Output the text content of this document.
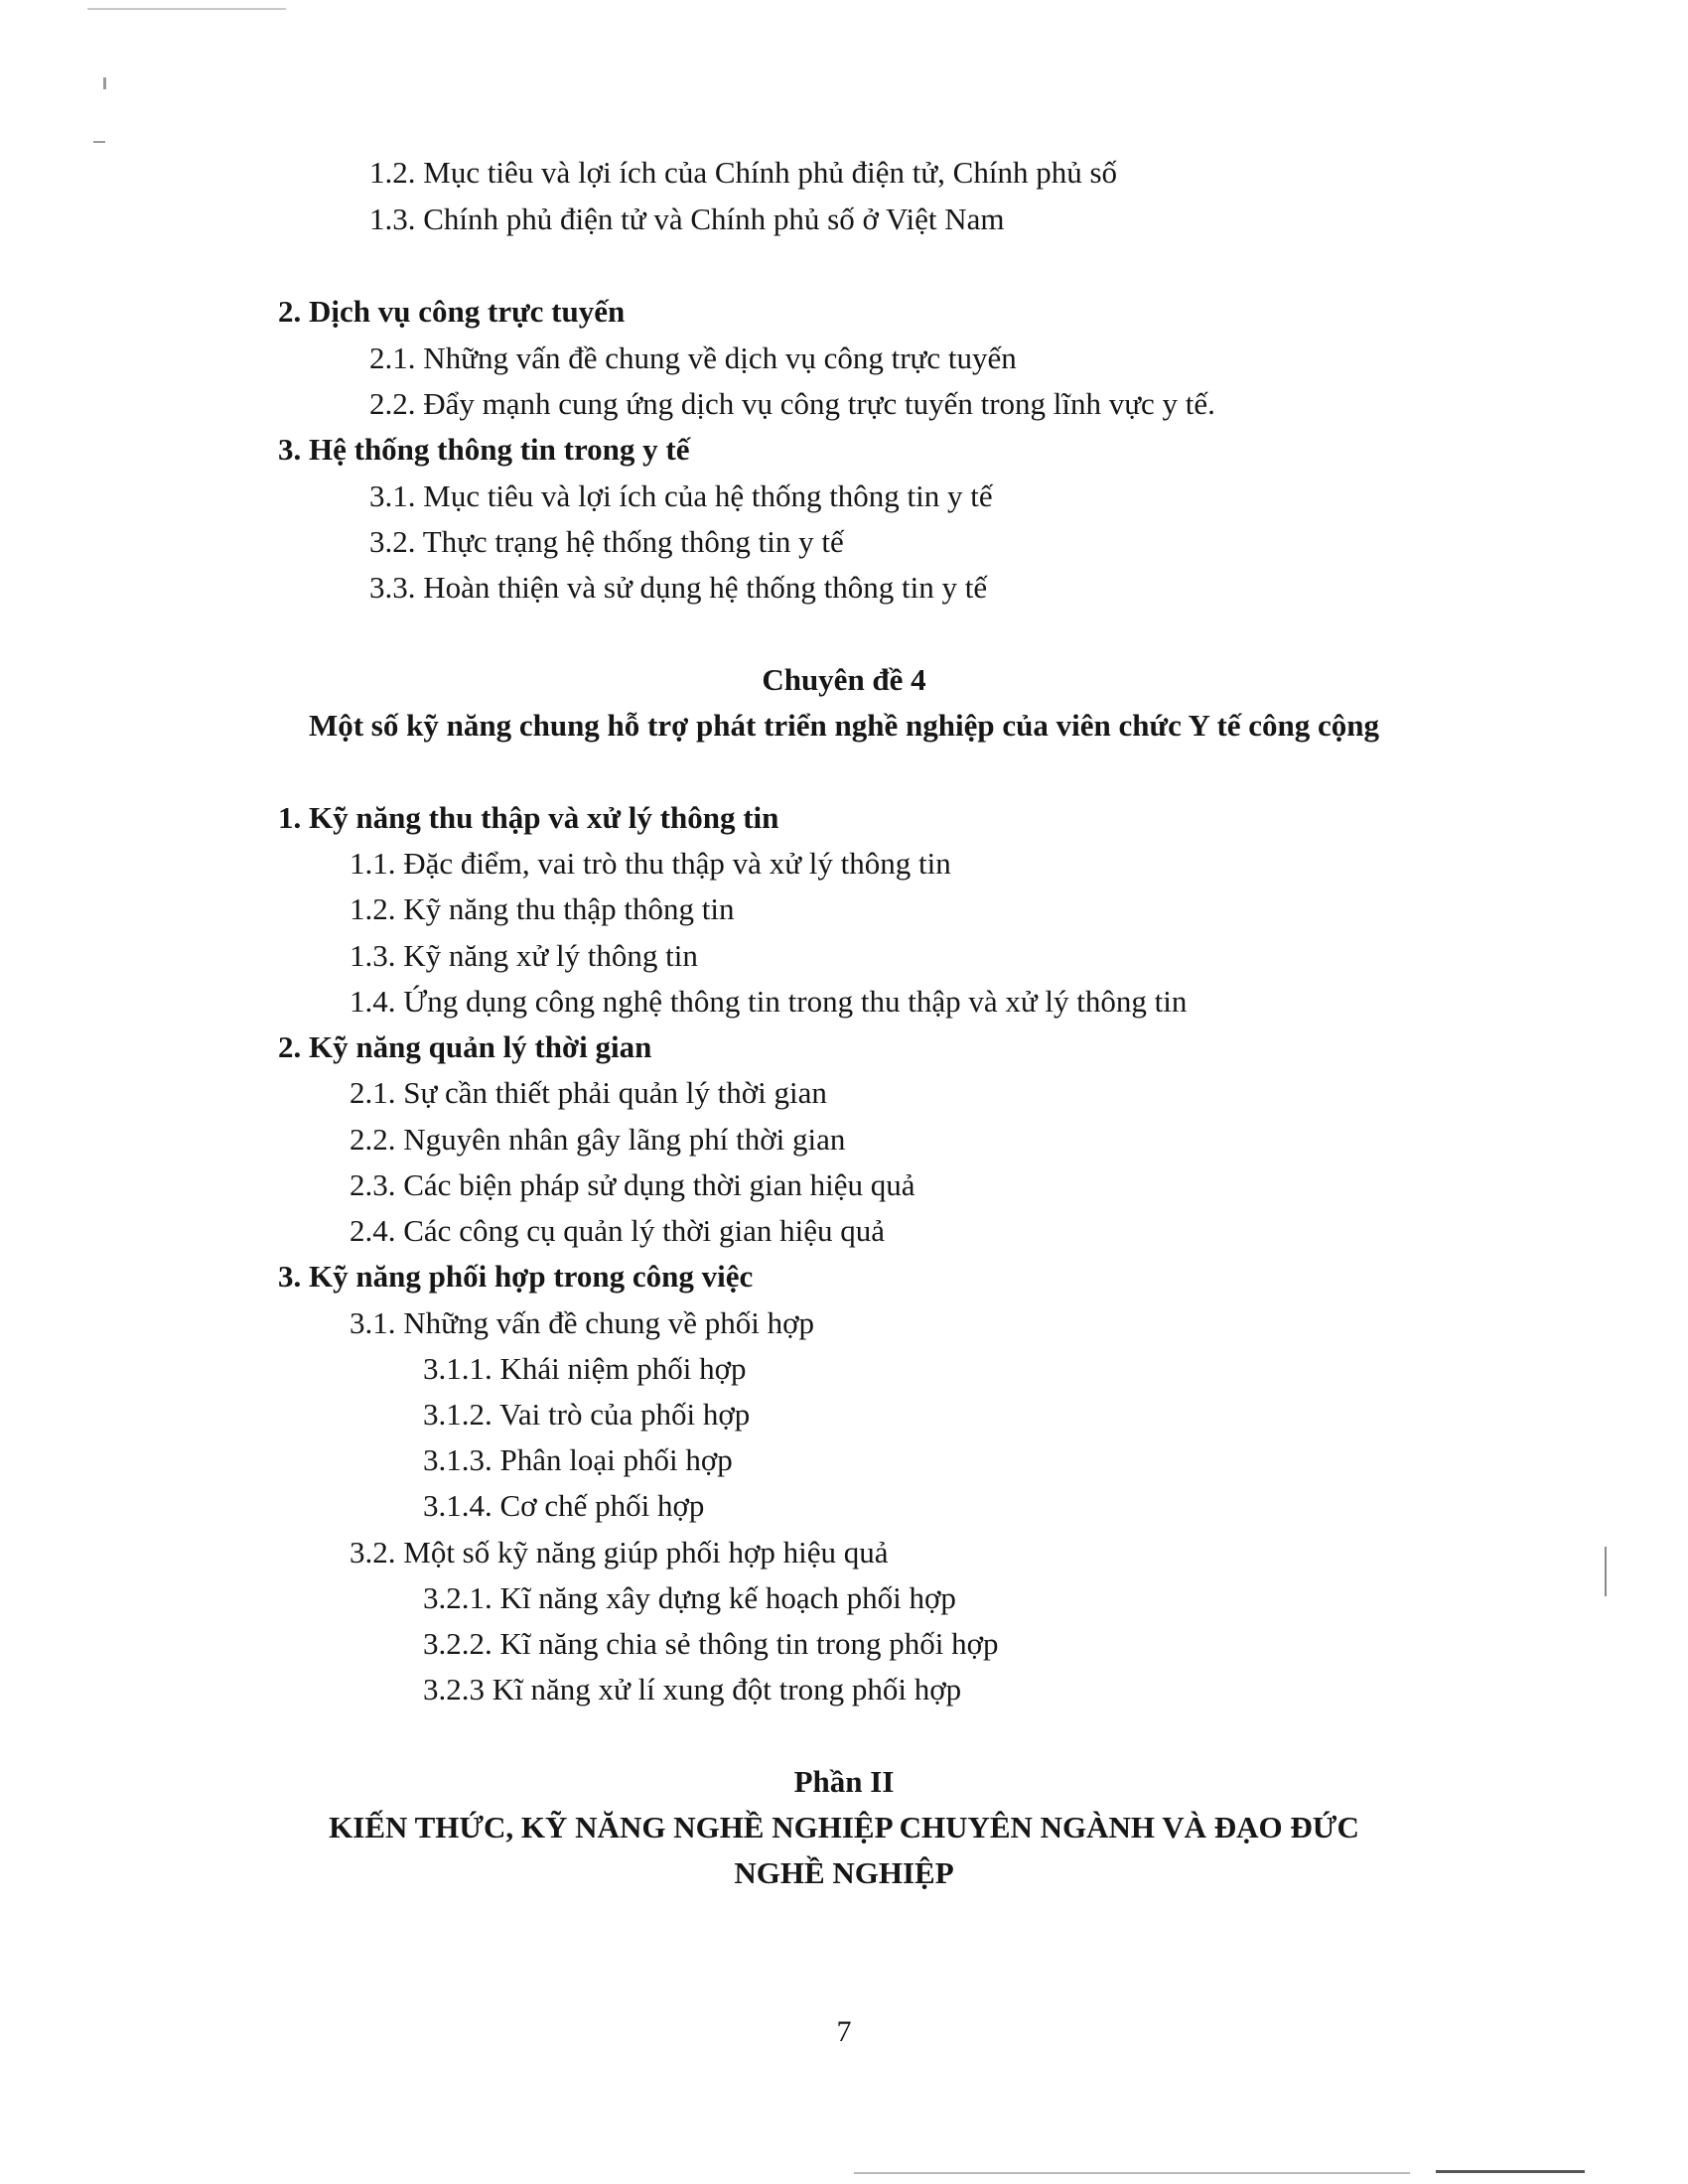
1.2. Mục tiêu và lợi ích của Chính phủ điện tử, Chính phủ số
1.3. Chính phủ điện tử và Chính phủ số ở Việt Nam
2. Dịch vụ công trực tuyến
2.1. Những vấn đề chung về dịch vụ công trực tuyến
2.2. Đẩy mạnh cung ứng dịch vụ công trực tuyến trong lĩnh vực y tế.
3. Hệ thống thông tin trong y tế
3.1. Mục tiêu và lợi ích của hệ thống thông tin y tế
3.2. Thực trạng hệ thống thông tin y tế
3.3. Hoàn thiện và sử dụng hệ thống thông tin y tế
Chuyên đề 4
Một số kỹ năng chung hỗ trợ phát triển nghề nghiệp của viên chức Y tế công cộng
1. Kỹ năng thu thập và xử lý thông tin
1.1. Đặc điểm, vai trò thu thập và xử lý thông tin
1.2. Kỹ năng thu thập thông tin
1.3. Kỹ năng xử lý thông tin
1.4. Ứng dụng công nghệ thông tin trong thu thập và xử lý thông tin
2. Kỹ năng quản lý thời gian
2.1. Sự cần thiết phải quản lý thời gian
2.2. Nguyên nhân gây lãng phí thời gian
2.3. Các biện pháp sử dụng thời gian hiệu quả
2.4. Các công cụ quản lý thời gian hiệu quả
3. Kỹ năng phối hợp trong công việc
3.1. Những vấn đề chung về phối hợp
3.1.1. Khái niệm phối hợp
3.1.2. Vai trò của phối hợp
3.1.3. Phân loại phối hợp
3.1.4. Cơ chế phối hợp
3.2. Một số kỹ năng giúp phối hợp hiệu quả
3.2.1. Kĩ năng xây dựng kế hoạch phối hợp
3.2.2. Kĩ năng chia sẻ thông tin trong phối hợp
3.2.3 Kĩ năng xử lí xung đột trong phối hợp
Phần II
KIẾN THỨC, KỸ NĂNG NGHỀ NGHIỆP CHUYÊN NGÀNH VÀ ĐẠO ĐỨC
NGHỀ NGHIỆP
7
